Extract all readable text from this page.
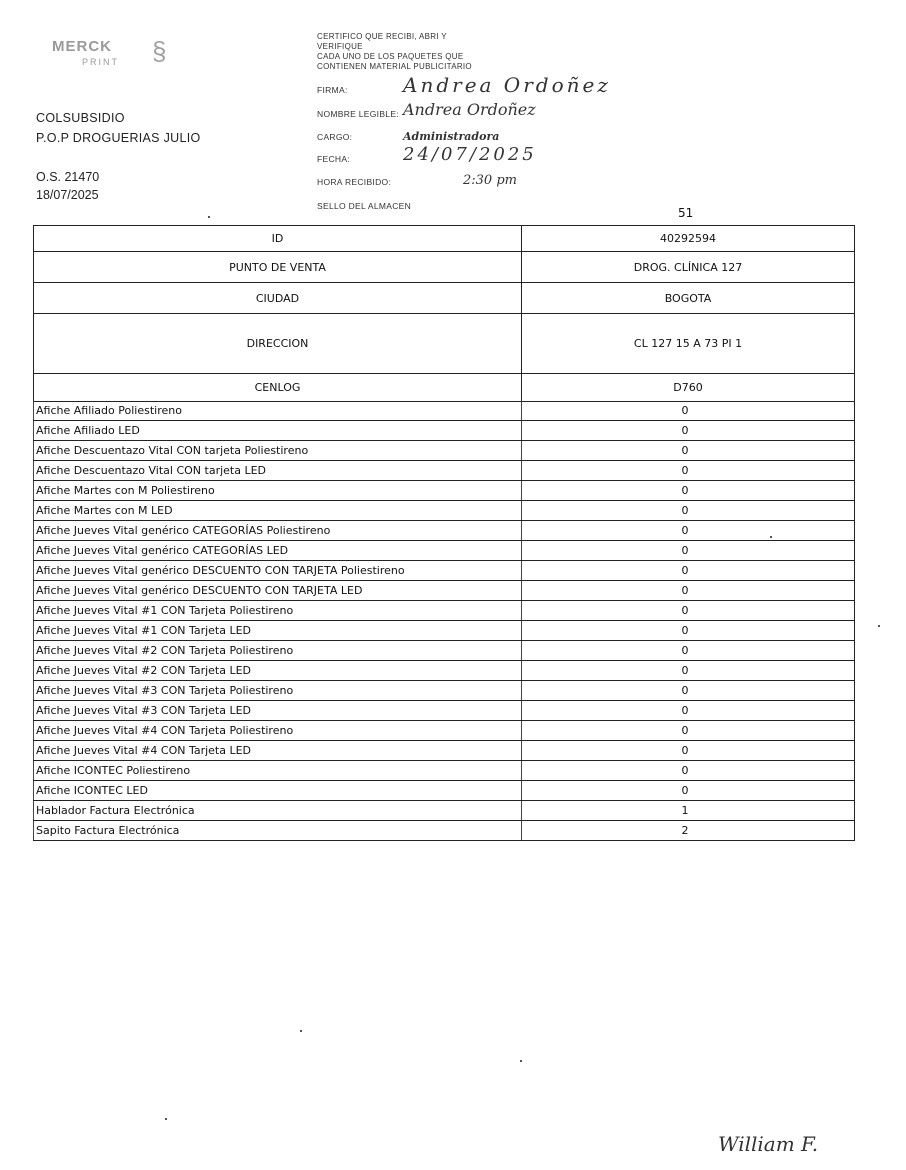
MERCK
PRINT	§
COLSUBSIDIO
P.O.P DROGUERIAS JULIO
O.S. 21470
18/07/2025
CERTIFICO QUE RECIBI, ABRI Y
VERIFIQUE
CADA UNO DE LOS PAQUETES QUE
CONTIENEN MATERIAL PUBLICITARIO
FIRMA:	Andrea Ordoñez
NOMBRE LEGIBLE: Andrea Ordoñez
CARGO:	Administradora
FECHA:	24/07/2025
HORA RECIBIDO:	2:30 pm
SELLO DEL ALMACEN	51
ID	40292594
PUNTO DE VENTA	DROG. CLÍNICA 127
CIUDAD	BOGOTA
DIRECCION	CL 127 15 A 73 PI 1
CENLOG	D760
Afiche Afiliado Poliestireno	0
Afiche Afiliado LED	0
Afiche Descuentazo Vital CON tarjeta Poliestireno	0
Afiche Descuentazo Vital CON tarjeta LED	0
Afiche Martes con M Poliestireno	0
Afiche Martes con M LED	0
Afiche Jueves Vital genérico CATEGORÍAS Poliestireno	0
Afiche Jueves Vital genérico CATEGORÍAS LED	0
Afiche Jueves Vital genérico DESCUENTO CON TARJETA Poliestireno	0
Afiche Jueves Vital genérico DESCUENTO CON TARJETA LED	0
Afiche Jueves Vital #1 CON Tarjeta Poliestireno	0
Afiche Jueves Vital #1 CON Tarjeta LED	0
Afiche Jueves Vital #2 CON Tarjeta Poliestireno	0
Afiche Jueves Vital #2 CON Tarjeta LED	0
Afiche Jueves Vital #3 CON Tarjeta Poliestireno	0
Afiche Jueves Vital #3 CON Tarjeta LED	0
Afiche Jueves Vital #4 CON Tarjeta Poliestireno	0
Afiche Jueves Vital #4 CON Tarjeta LED	0
Afiche ICONTEC Poliestireno	0
Afiche ICONTEC LED	0
Hablador Factura Electrónica	1
Sapito Factura Electrónica	2
William F.
